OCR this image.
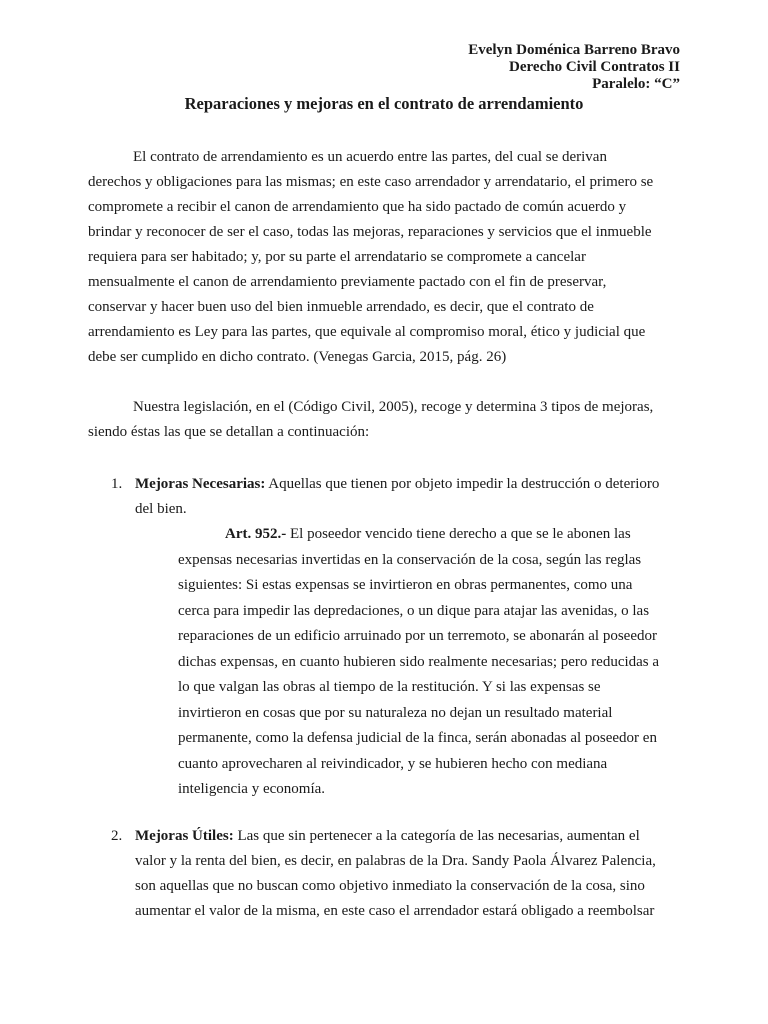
Evelyn Doménica Barreno Bravo
Derecho Civil Contratos II
Paralelo: “C”
Reparaciones y mejoras en el contrato de arrendamiento
El contrato de arrendamiento es un acuerdo entre las partes, del cual se derivan
derechos y obligaciones para las mismas; en este caso arrendador y arrendatario, el primero se
compromete a recibir el canon de arrendamiento que ha sido pactado de común acuerdo y
brindar y reconocer de ser el caso, todas las mejoras, reparaciones y servicios que el inmueble
requiera para ser habitado; y, por su parte el arrendatario se compromete a cancelar
mensualmente el canon de arrendamiento previamente pactado con el fin de preservar,
conservar y hacer buen uso del bien inmueble arrendado, es decir, que el contrato de
arrendamiento es Ley para las partes, que equivale al compromiso moral, ético y judicial que
debe ser cumplido en dicho contrato. (Venegas Garcia, 2015, pág. 26)
Nuestra legislación, en el (Código Civil, 2005), recoge y determina 3 tipos de mejoras,
siendo éstas las que se detallan a continuación:
1. Mejoras Necesarias: Aquellas que tienen por objeto impedir la destrucción o deterioro
del bien.
Art. 952.- El poseedor vencido tiene derecho a que se le abonen las
expensas necesarias invertidas en la conservación de la cosa, según las reglas
siguientes: Si estas expensas se invirtieron en obras permanentes, como una
cerca para impedir las depredaciones, o un dique para atajar las avenidas, o las
reparaciones de un edificio arruinado por un terremoto, se abonarán al poseedor
dichas expensas, en cuanto hubieren sido realmente necesarias; pero reducidas a
lo que valgan las obras al tiempo de la restitución. Y si las expensas se
invirtieron en cosas que por su naturaleza no dejan un resultado material
permanente, como la defensa judicial de la finca, serán abonadas al poseedor en
cuanto aprovecharen al reivindicador, y se hubieren hecho con mediana
inteligencia y economía.
2. Mejoras Útiles: Las que sin pertenecer a la categoría de las necesarias, aumentan el
valor y la renta del bien, es decir, en palabras de la Dra. Sandy Paola Álvarez Palencia,
son aquellas que no buscan como objetivo inmediato la conservación de la cosa, sino
aumentar el valor de la misma, en este caso el arrendador estará obligado a reembolsar
